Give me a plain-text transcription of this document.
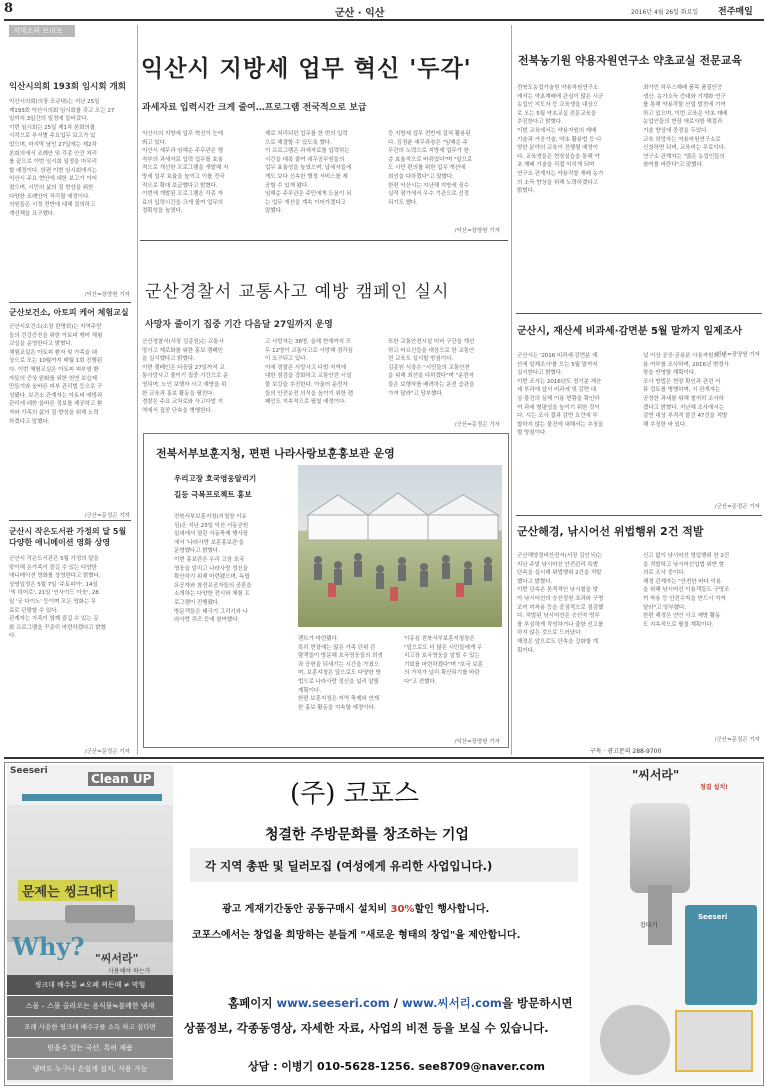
8	군산 · 익산	2016년 4월 26일 화요일 전주매일
지역소식 브리프
익산시의회 193회 임시회 개회
익산시의회(의장 조규대)는 지난 25일
제193회 익산시의회 임시회를 갖고 오는 27
일까지 3일간의 일정에 들어갔다.
이번 임시회는 25일 제1차 본회의를
시작으로 부서별 주요업무 보고가 있
었으며, 마지막 날인 27일에는 제2차
본회의에서 조례안 및 각종 안건 처리
를 끝으로 이번 임시회 일정을 마무리
할 예정이다. 한편 이번 임시회에서는
익산시 주요 현안에 대한 보고가 이어
졌으며, 시민의 삶의 질 향상을 위한
다양한 조례안이 처리될 예정이다.
의원들은 시정 전반에 대해 질의하고
개선책을 요구했다.
/익산=장양원 기자
군산보건소, 아토피 케어 체험교실
군산시보건소(소장 한명희)는 지역주민
들의 건강증진을 위한 아토피 케어 체험
교실을 운영한다고 밝혔다.
체험교실은 아토피 환자 및 가족을 대
상으로 오는 10월까지 매월 1회 진행된
다. 이번 체험교실은 아토피 피부염 환
자들의 증상 완화를 위한 천연 보습제
만들기와 올바른 피부 관리법 등으로 구
성됐다. 보건소 관계자는 아토피 예방과
관리에 대한 올바른 정보를 제공하고 환
자와 가족의 삶의 질 향상을 위해 노력
하겠다고 말했다.
/군산=문정곤 기자
군산시 작은도서관 가정의 달 5월 다양한 애니메이션 영화 상영
군산시 작은도서관은 5월 가정의 달을
맞이해 온가족이 즐길 수 있는 다양한
애니메이션 영화를 상영한다고 밝혔다.
상영일정은 5월 7일 '주토피아', 14일
'빅 히어로', 21일 '인사이드 아웃', 28
일 '굿 다이노' 등이며 모든 영화는 무
료로 관람할 수 있다.
관계자는 가족이 함께 즐길 수 있는 문
화 프로그램을 꾸준히 마련하겠다고 밝혔
다.
/군산=문정곤 기자
익산시 지방세 업무 혁신 '두각'
과세자료 입력시간 크게 줄여…프로그램 전국적으로 보급
익산시의 지방세 업무 혁신이 눈에
띄고 있다.
익산시 세무과 임해순 주무관은 행
자부의 과세자료 입력 업무를 효율
적으로 개선한 프로그램을 개발해 지
방세 업무 효율을 높이고 이를 전국
적으로 확대 보급했다고 밝혔다.
이번에 개발된 프로그램은 각종 자
료의 입력시간을 크게 줄여 업무의
정확성을 높였다.
제로 처리되던 업무를 한 번의 입력
으로 해결할 수 있도록 했다.
이 프로그램은 과세자료를 입력하는
시간을 대폭 줄여 세무공무원들의
업무 효율성을 높였으며, 납세자들에
게도 보다 신속한 행정 서비스를 제
공할 수 있게 됐다.
임해순 주무관은 주민에게 도움이 되
는 업무 개선을 계속 이어가겠다고
말했다.
등 지방세 업무 전반에 걸쳐 활용된
다. 김정윤 세무과장은 "임해순 주
무관의 노력으로 지방세 업무가 한
층 효율적으로 바뀌었다"며 "앞으로
도 시민 편의를 위한 업무 개선에
최선을 다하겠다"고 말했다.
한편 익산시는 지난해 지방세 징수
실적 평가에서 우수 기관으로 선정
되기도 했다.
/익산=장양원 기자
전북농기원 약용자원연구소 약초교실 전문교육
전북도농업기술원 약용자원연구소
에서는 약초재배에 관심이 많은 시군
농업인 지도자 등 교육생을 대상으
로 오는 5월 약초교실 전문교육을
추진한다고 밝혔다.
이번 교육에서는 약용자원의 재배
기술과 가공기술, 약초 활용법 등 다
양한 분야의 교육이 진행될 예정이
다. 교육생들은 현장실습을 통해 약
초 재배 기술을 직접 익히게 되며
연구소 관계자는 약용작물 재배 농가
의 소득 향상을 위해 노력하겠다고
밝혔다.
최가민 하우스재배 품목 품질인증
생산, 농가소득 증대와 기계화 연구
를 통해 약용작물 산업 발전에 기여
하고 있으며, 이번 교육은 약초 재배
농업인들의 현장 애로사항 해결과
기술 향상에 중점을 두었다.
교육 희망자는 약용자원연구소로
신청하면 되며, 교육비는 무료이다.
연구소 관계자는 "많은 농업인들의
참여를 바란다"고 말했다.
/진안=장양원 기자
군산경찰서 교통사고 예방 캠페인 실시
사망자 줄이기 집중 기간 다음달 27일까지 운영
군산경찰서(서장 김종원)는 교통사
망사고 제로화를 위한 홍보 캠페인
을 실시했다고 밝혔다.
이번 캠페인은 다음달 27일까지 교
통사망사고 줄이기 집중 기간으로 운
영되며, 노인 보행자 사고 예방을 위
한 교육과 홍보 활동을 펼친다.
경찰은 주요 교차로와 사고다발 지
역에서 집중 단속을 병행한다.
고 사망자는 38명, 올해 현재까지 모
두 12명이 교통사고로 사망해 경각심
이 요구되고 있다.
이에 경찰은 사망사고 다발 지역에
대한 점검을 강화하고 교통안전 시설
물 보강을 추진한다. 아울러 운전자
들의 안전운전 의식을 높이기 위한 캠
페인도 지속적으로 펼칠 예정이다.
또한 교통안전시설 미비 구간을 개선
하고 어르신들을 대상으로 한 교통안
전 교육도 실시할 방침이다.
김종원 서장은 "시민들의 교통안전
을 위해 최선을 다하겠다"며 "운전자
들은 보행자를 배려하는 운전 습관을
가져 달라"고 당부했다.
/군산=문정곤 기자
전북서부보훈지청, 편편 나라사랑보훈홍보관 운영
우리고장 호국영웅알리기
길등 극복프로젝트 홍보
전북서부보훈지청(지청장 이유
심)은 지난 23일 익산 서동공원
일대에서 열린 서동축제 행사장
에서 '나라사랑 보훈홍보관'을
운영했다고 밝혔다.
이번 홍보관은 우리 고장 호국
영웅을 알리고 나라사랑 정신을
확산하기 위해 마련됐으며, 독립
유공자와 참전유공자들의 공훈을
소개하는 다양한 전시와 체험 프
로그램이 진행됐다.
방문객들은 태극기 그리기와 나
라사랑 퀴즈 등에 참여했다.
렌트가 마련됐다.
특히 현장에는 많은 가족 단위 관
람객들이 방문해 호국영웅들의 희생
과 공헌을 되새기는 시간을 가졌으
며, 보훈지청은 앞으로도 다양한 방
법으로 나라사랑 정신을 널리 알릴
계획이다.
한편 보훈지청은 지역 축제와 연계
한 홍보 활동을 지속할 예정이다.
이유심 전북서부보훈지청장은
"앞으로도 더 많은 시민들에게 우
리고장 호국영웅을 알릴 수 있는
기회를 마련하겠다"며 "호국 보훈
의 가치가 널리 확산되기를 바란
다"고 전했다.
/익산=장양원 기자
군산시, 재산세 비과세·감면분 5월 말까지 일제조사
군산시는 '2016 비과세·감면분 재
산세 일제조사'를 오는 5월 말까지
실시한다고 밝혔다.
이번 조사는 2016년도 정기분 재산
세 부과에 앞서 비과세 및 감면 대
상 물건의 실제 이용 현황을 확인하
여 과세 형평성을 높이기 위한 것이
다. 시는 조사 결과 감면 요건에 부
합하지 않는 물건에 대해서는 추징을
할 방침이다.
널 이상 공공·공용분 사용자원의 사
용 여부를 조사하며, 2016년 변경사
항을 반영할 계획이다.
조사 방법은 현장 확인과 관련 서
류 검토를 병행하며, 시 관계자는
공정한 과세를 위해 철저히 조사하
겠다고 밝혔다. 지난해 조사에서는
감면 대상 부적격 물건 47건을 적발
해 추징한 바 있다.
/군산=문정곤 기자
군산해경, 낚시어선 위법행위 2건 적발
군산해양경비안전서(서장 김인식)는
지난 주말 낚시어선 안전관리 특별
단속을 실시해 위법행위 2건을 적발
했다고 밝혔다.
이번 단속은 본격적인 낚시철을 맞
아 낚시어선의 승선정원 초과와 구명
조끼 미착용 등을 중점적으로 점검했
다. 적발된 낚시어선은 승선자 명부
를 부실하게 작성하거나 출항 신고를
하지 않은 것으로 드러났다.
해경은 앞으로도 단속을 강화할 계
획이다.
신고 없이 낚시어선 영업행위 한 2건
을 적발하고 낚시어선업법 위반 혐
의로 조사 중이다.
해경 관계자는 "안전한 바다 이용
을 위해 낚시어선 이용객들도 구명조
끼 착용 등 안전수칙을 반드시 지켜
달라"고 당부했다.
한편 해경은 연안 사고 예방 활동
도 지속적으로 펼칠 계획이다.
/군산=문정곤 기자
구독 · 광고문의 288-9700
Seeseri
Clean UP
문제는 씽크대다
Why? "씨서라"
사용해야 하는가
씽크대 배수통 ≠오폐 찌든때 ≠ 막힘
스물 – 스물 올라오는 음식물≒불쾌한 냄새
오래 사용한 씽크대 배수구를 소독 하고 싶다면
믿을수 있는 국산, 특허 제품
냄비도 누구나 손쉽게 설치, 사용 가능
(주) 코포스
청결한 주방문화를 창조하는 기업
각 지역 총판 및 딜러모집 (여성에게 유리한 사업입니다.)
광고 게재기간동안 공동구매시 설치비 30%할인 행사합니다.
코포스에서는 창업을 희망하는 분들게 "새로운 형태의 창업"을 제안합니다.
홈페이지 www.seeseri.com / www.씨서리.com을 방문하시면
상품정보, 각종동영상, 자세한 자료, 사업의 비젼 등을 보실 수 있습니다.
상담 : 이병기 010-5628-1256. see8709@naver.com
"씨서라"
청결 설치!
잡다기
Seeseri
